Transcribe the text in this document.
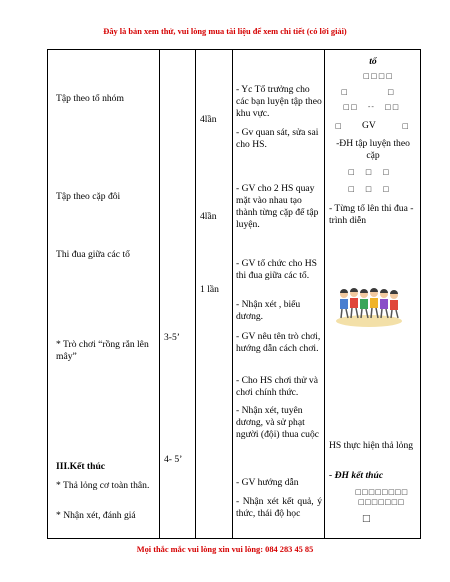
Đây là bản xem thử, vui lòng mua tài liệu để xem chi tiết (có lời giải)
Tập theo tổ nhóm
Tập theo cặp đôi
Thi đua giữa các tổ
* Trò chơi “rồng rắn lên mây”
III.Kết thúc
* Thả lỏng cơ toàn thân.
* Nhận xét, đánh giá
3-5’
4- 5’
4lần
4lần
1 lần
- Yc Tổ trưởng cho các bạn luyện tập theo khu vực.
- Gv quan sát, sửa sai cho HS.
- GV cho 2 HS quay mặt vào nhau tạo thành từng cặp để tập luyện.
- GV tổ chức cho HS thi đua giữa các tổ.
- Nhận xét , biểu dương.
- GV nêu tên trò chơi, hướng dẫn cách chơi.
- Cho HS chơi thử và chơi chính thức.
- Nhận xét, tuyên dương, và sử phạt người (đội) thua cuộc
- GV hướng dẫn
- Nhận xét kết quả, ý thức, thái độ học
tổ
□□□□
□            □
□□   --   □□
□ GV	□
-ĐH tập luyện theo cặp
□   □   □
□   □   □
- Từng tổ lên thi đua - trình diễn
HS thực hiện thả lỏng
- ĐH kết thúc
□□□□□□□□
□□□□□□□
□
Mọi thắc mắc vui lòng xin vui lòng: 084 283 45 85
